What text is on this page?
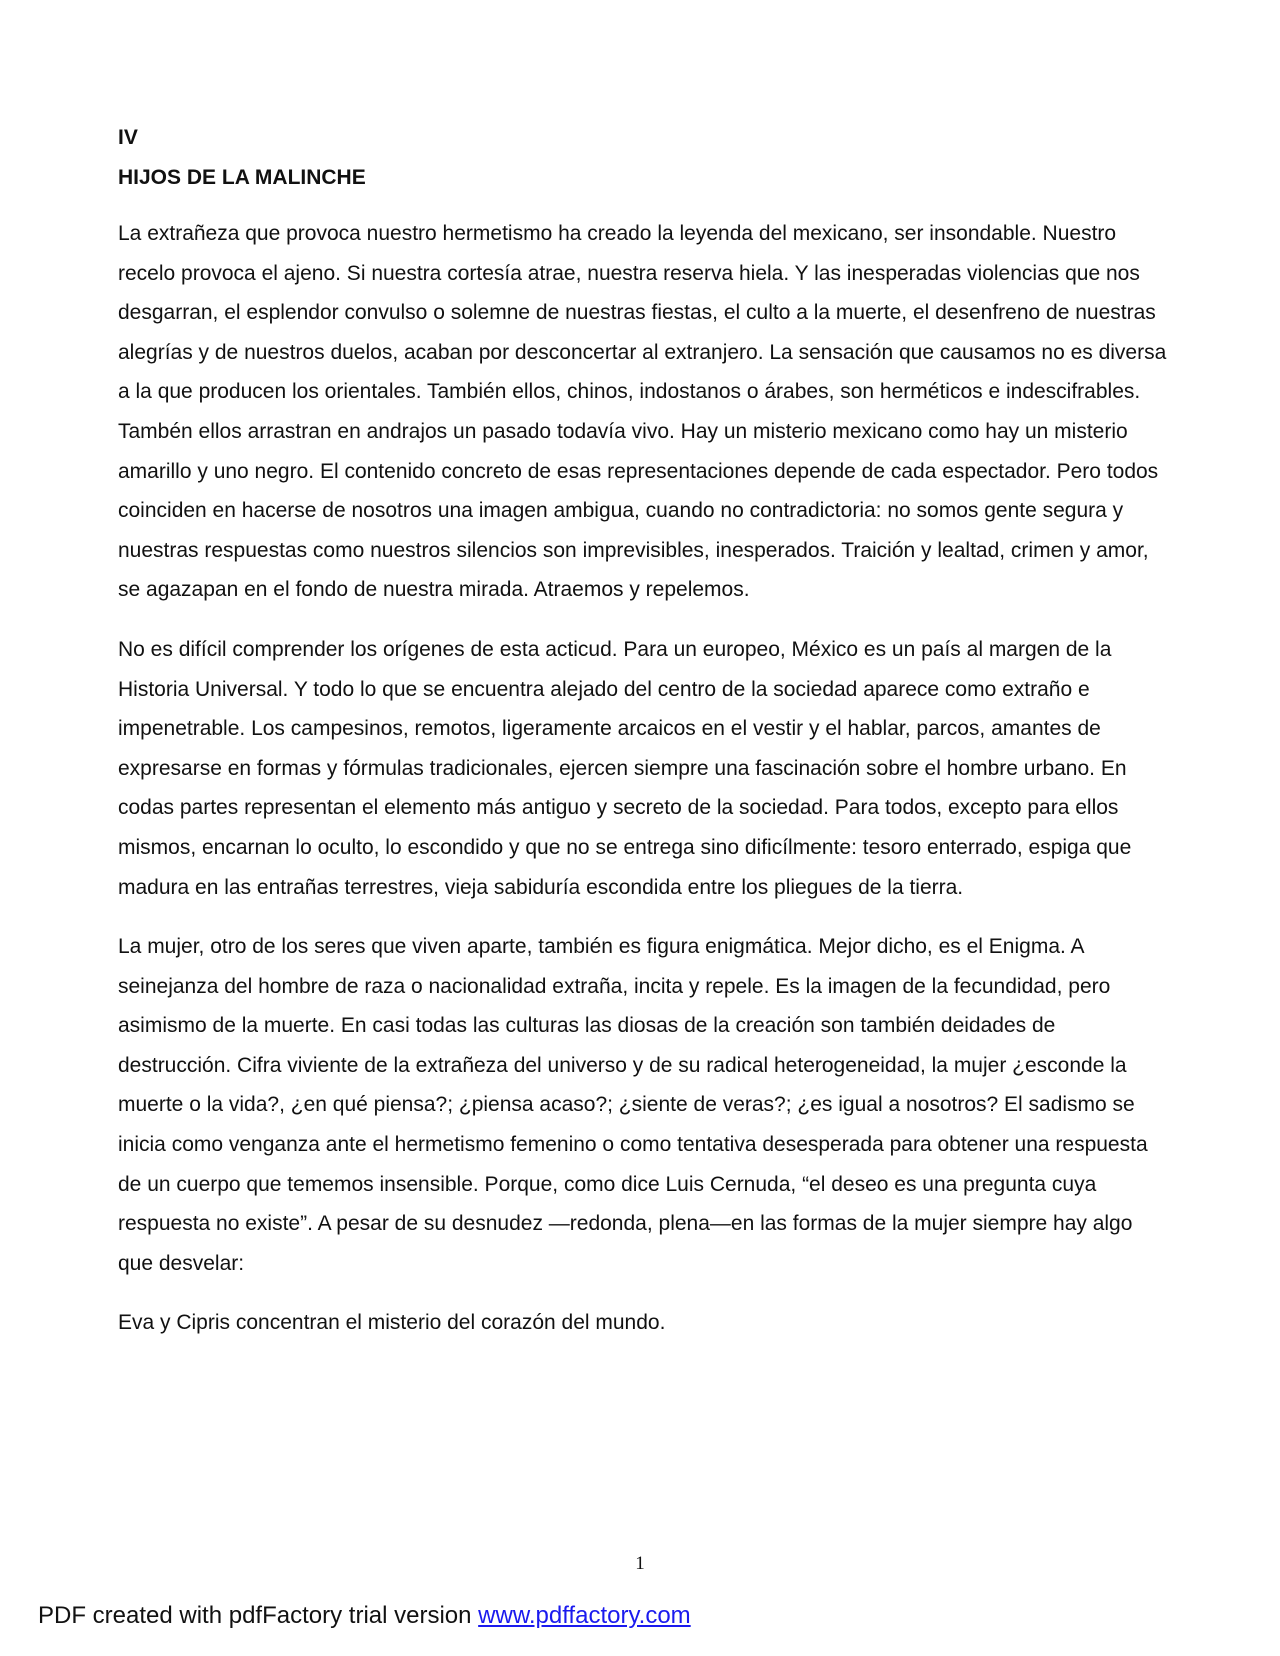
IV
HIJOS DE LA MALINCHE

La extrañeza que provoca nuestro hermetismo ha creado la leyenda del mexicano, ser insondable. Nuestro recelo provoca el ajeno. Si nuestra cortesía atrae, nuestra reserva hiela. Y las inesperadas violencias que nos desgarran, el esplendor convulso o solemne de nuestras fiestas, el culto a la muerte, el desenfreno de nuestras alegrías y de nuestros duelos, acaban por desconcertar al extranjero. La sensación que causamos no es diversa a la que producen los orientales. También ellos, chinos, indostanos o árabes, son herméticos e indescifrables. Tambén ellos arrastran en andrajos un pasado todavía vivo. Hay un misterio mexicano como hay un misterio amarillo y uno negro. El contenido concreto de esas representaciones depende de cada espectador. Pero todos coinciden en hacerse de nosotros una imagen ambigua, cuando no contradictoria: no somos gente segura y nuestras respuestas como nuestros silencios son imprevisibles, inesperados. Traición y lealtad, crimen y amor, se agazapan en el fondo de nuestra mirada. Atraemos y repelemos.

No es difícil comprender los orígenes de esta acticud. Para un europeo, México es un país al margen de la Historia Universal. Y todo lo que se encuentra alejado del centro de la sociedad aparece como extraño e impenetrable. Los campesinos, remotos, ligeramente arcaicos en el vestir y el hablar, parcos, amantes de expresarse en formas y fórmulas tradicionales, ejercen siempre una fascinación sobre el hombre urbano. En codas partes representan el elemento más antiguo y secreto de la sociedad. Para todos, excepto para ellos mismos, encarnan lo oculto, lo escondido y que no se entrega sino dificílmente: tesoro enterrado, espiga que madura en las entrañas terrestres, vieja sabiduría escondida entre los pliegues de la tierra.

La mujer, otro de los seres que viven aparte, también es figura enigmática. Mejor dicho, es el Enigma. A seinejanza del hombre de raza o nacionalidad extraña, incita y repele. Es la imagen de la fecundidad, pero asimismo de la muerte. En casi todas las culturas las diosas de la creación son también deidades de destrucción. Cifra viviente de la extrañeza del universo y de su radical heterogeneidad, la mujer ¿esconde la muerte o la vida?, ¿en qué piensa?; ¿piensa acaso?; ¿siente de veras?; ¿es igual a nosotros? El sadismo se inicia como venganza ante el hermetismo femenino o como tentativa desesperada para obtener una respuesta de un cuerpo que tememos insensible. Porque, como dice Luis Cernuda, “el deseo es una pregunta cuya respuesta no existe”. A pesar de su desnudez —redonda, plena—en las formas de la mujer siempre hay algo que desvelar:

Eva y Cipris concentran el misterio del corazón del mundo.

1
PDF created with pdfFactory trial version www.pdffactory.com
